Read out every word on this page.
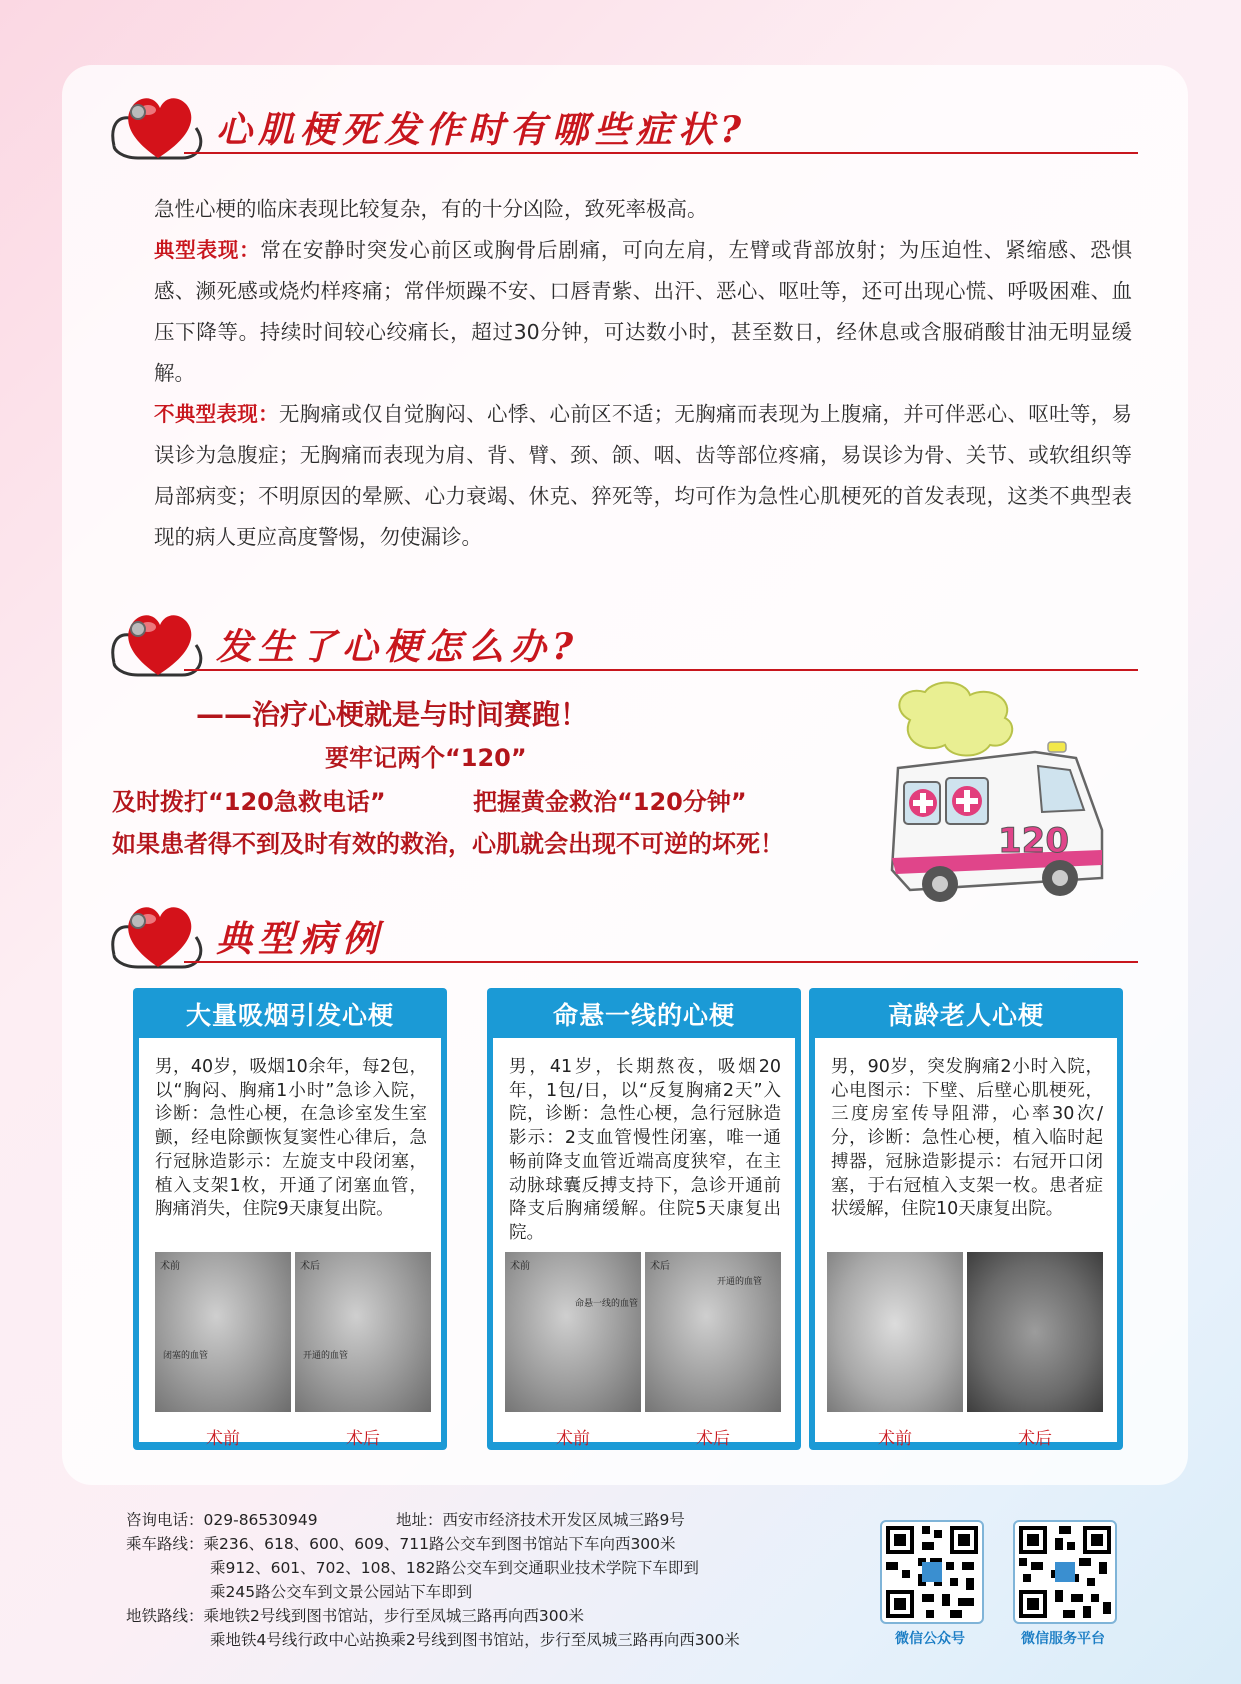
心肌梗死发作时有哪些症状?
急性心梗的临床表现比较复杂，有的十分凶险，致死率极高。
典型表现：常在安静时突发心前区或胸骨后剧痛，可向左肩，左臂或背部放射；为压迫性、紧缩感、恐惧感、濒死感或烧灼样疼痛；常伴烦躁不安、口唇青紫、出汗、恶心、呕吐等，还可出现心慌、呼吸困难、血压下降等。持续时间较心绞痛长，超过30分钟，可达数小时，甚至数日，经休息或含服硝酸甘油无明显缓解。
不典型表现：无胸痛或仅自觉胸闷、心悸、心前区不适；无胸痛而表现为上腹痛，并可伴恶心、呕吐等，易误诊为急腹症；无胸痛而表现为肩、背、臂、颈、颌、咽、齿等部位疼痛，易误诊为骨、关节、或软组织等局部病变；不明原因的晕厥、心力衰竭、休克、猝死等，均可作为急性心肌梗死的首发表现，这类不典型表现的病人更应高度警惕，勿使漏诊。
发生了心梗怎么办?
——治疗心梗就是与时间赛跑！
要牢记两个“120”
及时拨打“120急救电话”	把握黄金救治“120分钟”
如果患者得不到及时有效的救治，心肌就会出现不可逆的坏死！	120
典型病例
大量吸烟引发心梗
男，40岁，吸烟10余年，每2包，以“胸闷、胸痛1小时”急诊入院，诊断：急性心梗，在急诊室发生室颤，经电除颤恢复窦性心律后，急行冠脉造影示：左旋支中段闭塞，植入支架1枚，开通了闭塞血管，胸痛消失，住院9天康复出院。
术前
闭塞的血管
术后
开通的血管
术前	术后
命悬一线的心梗
男，41岁，长期熬夜，吸烟20年，1包/日，以“反复胸痛2天”入院，诊断：急性心梗，急行冠脉造影示：2支血管慢性闭塞，唯一通畅前降支血管近端高度狭窄，在主动脉球囊反搏支持下，急诊开通前降支后胸痛缓解。住院5天康复出院。
术前
命悬一线的血管
术后
开通的血管
术前	术后
高龄老人心梗
男，90岁，突发胸痛2小时入院，心电图示：下壁、后壁心肌梗死，三度房室传导阻滞，心率30次/分，诊断：急性心梗，植入临时起搏器，冠脉造影提示：右冠开口闭塞，于右冠植入支架一枚。患者症状缓解，住院10天康复出院。
术前	术后
咨询电话：029-86530949	地址：西安市经济技术开发区凤城三路9号
乘车路线：乘236、618、600、609、711路公交车到图书馆站下车向西300米
乘912、601、702、108、182路公交车到交通职业技术学院下车即到
乘245路公交车到文景公园站下车即到
地铁路线：乘地铁2号线到图书馆站，步行至凤城三路再向西300米
乘地铁4号线行政中心站换乘2号线到图书馆站，步行至凤城三路再向西300米	微信公众号	微信服务平台
